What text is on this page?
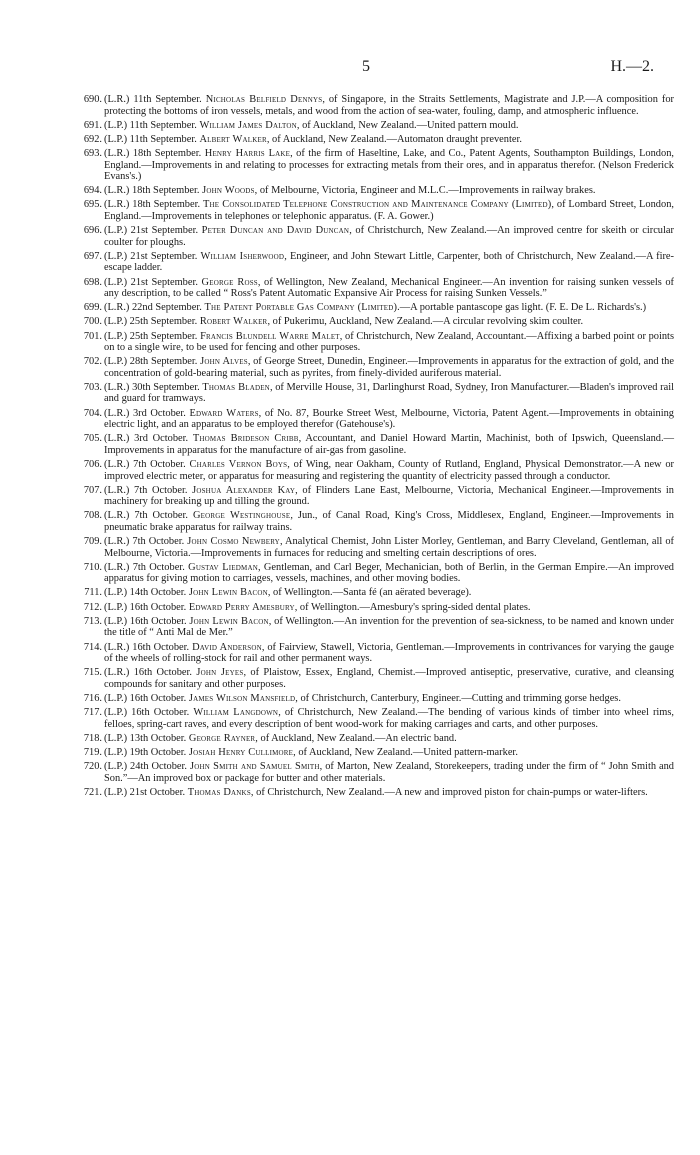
5	H.—2.
690. (L.R.) 11th September. Nicholas Belfield Dennys, of Singapore, in the Straits Settlements, Magistrate and J.P.—A composition for protecting the bottoms of iron vessels, metals, and wood from the action of sea-water, fouling, damp, and atmospheric influence.
691. (L.P.) 11th September. William James Dalton, of Auckland, New Zealand.—United pattern mould.
692. (L.P.) 11th September. Albert Walker, of Auckland, New Zealand.—Automaton draught preventer.
693. (L.R.) 18th September. Henry Harris Lake, of the firm of Haseltine, Lake, and Co., Patent Agents, Southampton Buildings, London, England.—Improvements in and relating to processes for extracting metals from their ores, and in apparatus therefor. (Nelson Frederick Evans's.)
694. (L.R.) 18th September. John Woods, of Melbourne, Victoria, Engineer and M.L.C.—Improvements in railway brakes.
695. (L.R.) 18th September. The Consolidated Telephone Construction and Maintenance Company (Limited), of Lombard Street, London, England.—Improvements in telephones or telephonic apparatus. (F. A. Gower.)
696. (L.P.) 21st September. Peter Duncan and David Duncan, of Christchurch, New Zealand.—An improved centre for skeith or circular coulter for ploughs.
697. (L.P.) 21st September. William Isherwood, Engineer, and John Stewart Little, Carpenter, both of Christchurch, New Zealand.—A fire-escape ladder.
698. (L.P.) 21st September. George Ross, of Wellington, New Zealand, Mechanical Engineer.—An invention for raising sunken vessels of any description, to be called “ Ross's Patent Automatic Expansive Air Process for raising Sunken Vessels.”
699. (L.R.) 22nd September. The Patent Portable Gas Company (Limited).—A portable pantascope gas light. (F. E. De L. Richards's.)
700. (L.P.) 25th September. Robert Walker, of Pukerimu, Auckland, New Zealand.—A circular revolving skim coulter.
701. (L.P.) 25th September. Francis Blundell Warre Malet, of Christchurch, New Zealand, Accountant.—Affixing a barbed point or points on to a single wire, to be used for fencing and other purposes.
702. (L.P.) 28th September. John Alves, of George Street, Dunedin, Engineer.—Improvements in apparatus for the extraction of gold, and the concentration of gold-bearing material, such as pyrites, from finely-divided auriferous material.
703. (L.R.) 30th September. Thomas Bladen, of Merville House, 31, Darlinghurst Road, Sydney, Iron Manufacturer.—Bladen's improved rail and guard for tramways.
704. (L.R.) 3rd October. Edward Waters, of No. 87, Bourke Street West, Melbourne, Victoria, Patent Agent.—Improvements in obtaining electric light, and an apparatus to be employed therefor (Gatehouse's).
705. (L.R.) 3rd October. Thomas Brideson Cribb, Accountant, and Daniel Howard Martin, Machinist, both of Ipswich, Queensland.—Improvements in apparatus for the manufacture of air-gas from gasoline.
706. (L.R.) 7th October. Charles Vernon Boys, of Wing, near Oakham, County of Rutland, England, Physical Demonstrator.—A new or improved electric meter, or apparatus for measuring and registering the quantity of electricity passed through a conductor.
707. (L.R.) 7th October. Joshua Alexander Kay, of Flinders Lane East, Melbourne, Victoria, Mechanical Engineer.—Improvements in machinery for breaking up and tilling the ground.
708. (L.R.) 7th October. George Westinghouse, Jun., of Canal Road, King's Cross, Middlesex, England, Engineer.—Improvements in pneumatic brake apparatus for railway trains.
709. (L.R.) 7th October. John Cosmo Newbery, Analytical Chemist, John Lister Morley, Gentleman, and Barry Cleveland, Gentleman, all of Melbourne, Victoria.—Improvements in furnaces for reducing and smelting certain descriptions of ores.
710. (L.R.) 7th October. Gustav Liedman, Gentleman, and Carl Beger, Mechanician, both of Berlin, in the German Empire.—An improved apparatus for giving motion to carriages, vessels, machines, and other moving bodies.
711. (L.P.) 14th October. John Lewin Bacon, of Wellington.—Santa fé (an aërated beverage).
712. (L.P.) 16th October. Edward Perry Amesbury, of Wellington.—Amesbury's spring-sided dental plates.
713. (L.P.) 16th October. John Lewin Bacon, of Wellington.—An invention for the prevention of sea-sickness, to be named and known under the title of “ Anti Mal de Mer.”
714. (L.R.) 16th October. David Anderson, of Fairview, Stawell, Victoria, Gentleman.—Improvements in contrivances for varying the gauge of the wheels of rolling-stock for rail and other permanent ways.
715. (L.R.) 16th October. John Jeyes, of Plaistow, Essex, England, Chemist.—Improved antiseptic, preservative, curative, and cleansing compounds for sanitary and other purposes.
716. (L.P.) 16th October. James Wilson Mansfield, of Christchurch, Canterbury, Engineer.—Cutting and trimming gorse hedges.
717. (L.P.) 16th October. William Langdown, of Christchurch, New Zealand.—The bending of various kinds of timber into wheel rims, felloes, spring-cart raves, and every description of bent wood-work for making carriages and carts, and other purposes.
718. (L.P.) 13th October. George Rayner, of Auckland, New Zealand.—An electric band.
719. (L.P.) 19th October. Josiah Henry Cullimore, of Auckland, New Zealand.—United pattern-marker.
720. (L.P.) 24th October. John Smith and Samuel Smith, of Marton, New Zealand, Storekeepers, trading under the firm of “ John Smith and Son.”—An improved box or package for butter and other materials.
721. (L.P.) 21st October. Thomas Danks, of Christchurch, New Zealand.—A new and improved piston for chain-pumps or water-lifters.
